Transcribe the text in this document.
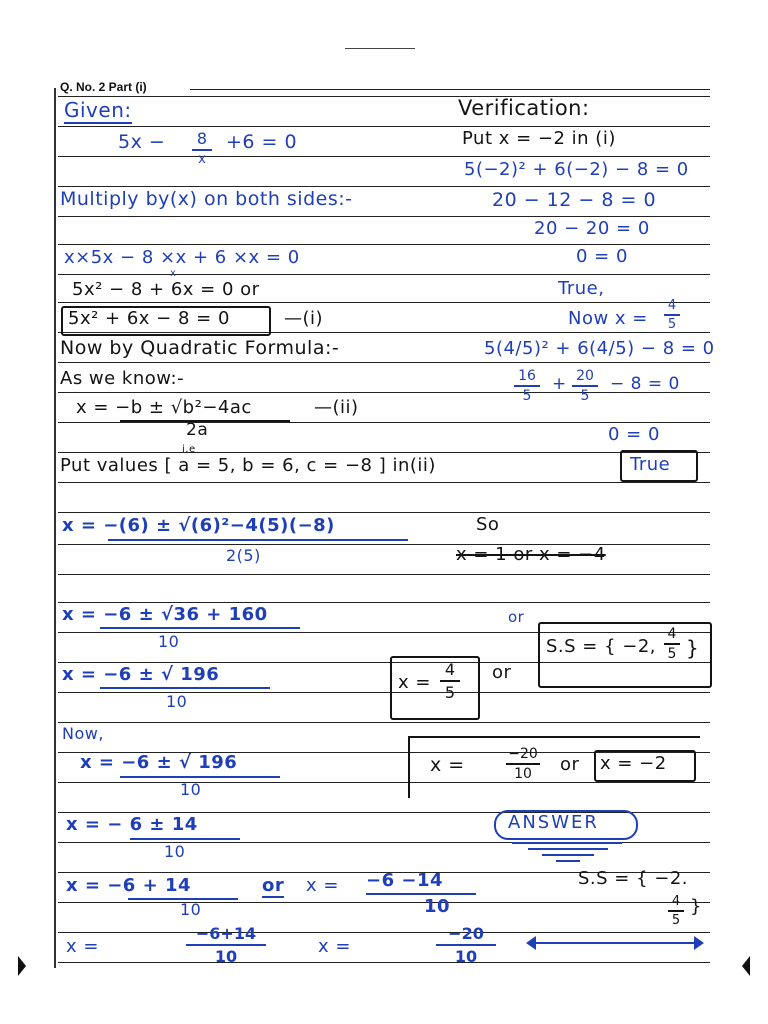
Q. No. 2 Part (i)
Given:
5x −	8
x
+6 = 0
Multiply by(x) on both sides:-
x×5x − 8 ×x + 6 ×x = 0
x
5x² − 8 + 6x = 0 or
5x² + 6x − 8 = 0	—(i)
Now by Quadratic Formula:-
As we know:-
x = −b ± √b²−4ac
2a
—(ii)
i.e
Put values [ a = 5, b = 6, c = −8 ] in(ii)
x = −(6) ± √(6)²−4(5)(−8)
2(5)
x = −6 ± √36 + 160
10
x = −6 ± √ 196
10
Now,
x = −6 ± √ 196
10
x = − 6 ± 14
10
x = −6 + 14	or x = −6 −14
10	10
x =
−6+14
10	x =
−20
10
Verification:
Put x = −2 in (i)
5(−2)² + 6(−2) − 8 = 0
20 − 12 − 8 = 0
20 − 20 = 0
0 = 0
True,
Now x =
4
5
5(4/5)² + 6(4/5) − 8 = 0
16
5
+ 20
5
− 8 = 0
0 = 0
True
So
x = 1 or x = −4
or
S.S = { −2,
4
5 }
x =
4
5
or
x =	−20
10	or x = −2
ANSWER
S.S = { −2.
4
5
}
